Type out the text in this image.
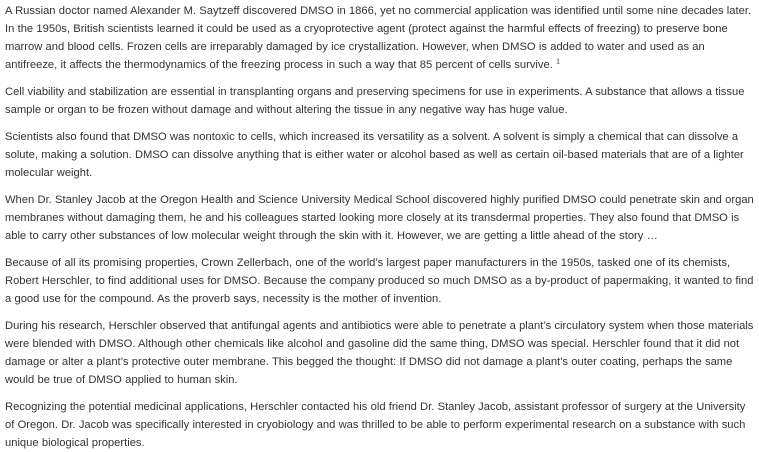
A Russian doctor named Alexander M. Saytzeff discovered DMSO in 1866, yet no commercial application was identified until some nine decades later. In the 1950s, British scientists learned it could be used as a cryoprotective agent (protect against the harmful effects of freezing) to preserve bone marrow and blood cells. Frozen cells are irreparably damaged by ice crystallization. However, when DMSO is added to water and used as an antifreeze, it affects the thermodynamics of the freezing process in such a way that 85 percent of cells survive. $^1$

Cell viability and stabilization are essential in transplanting organs and preserving specimens for use in experiments. A substance that allows a tissue sample or organ to be frozen without damage and without altering the tissue in any negative way has huge value.

Scientists also found that DMSO was nontoxic to cells, which increased its versatility as a solvent. A solvent is simply a chemical that can dissolve a solute, making a solution. DMSO can dissolve anything that is either water or alcohol based as well as certain oil-based materials that are of a lighter molecular weight.

When Dr. Stanley Jacob at the Oregon Health and Science University Medical School discovered highly purified DMSO could penetrate skin and organ membranes without damaging them, he and his colleagues started looking more closely at its transdermal properties. They also found that DMSO is able to carry other substances of low molecular weight through the skin with it. However, we are getting a little ahead of the story …

Because of all its promising properties, Crown Zellerbach, one of the world’s largest paper manufacturers in the 1950s, tasked one of its chemists, Robert Herschler, to find additional uses for DMSO. Because the company produced so much DMSO as a by-product of papermaking, it wanted to find a good use for the compound. As the proverb says, necessity is the mother of invention.

During his research, Herschler observed that antifungal agents and antibiotics were able to penetrate a plant’s circulatory system when those materials were blended with DMSO. Although other chemicals like alcohol and gasoline did the same thing, DMSO was special. Herschler found that it did not damage or alter a plant’s protective outer membrane. This begged the thought: If DMSO did not damage a plant’s outer coating, perhaps the same would be true of DMSO applied to human skin.

Recognizing the potential medicinal applications, Herschler contacted his old friend Dr. Stanley Jacob, assistant professor of surgery at the University of Oregon. Dr. Jacob was specifically interested in cryobiology and was thrilled to be able to perform experimental research on a substance with such unique biological properties.
